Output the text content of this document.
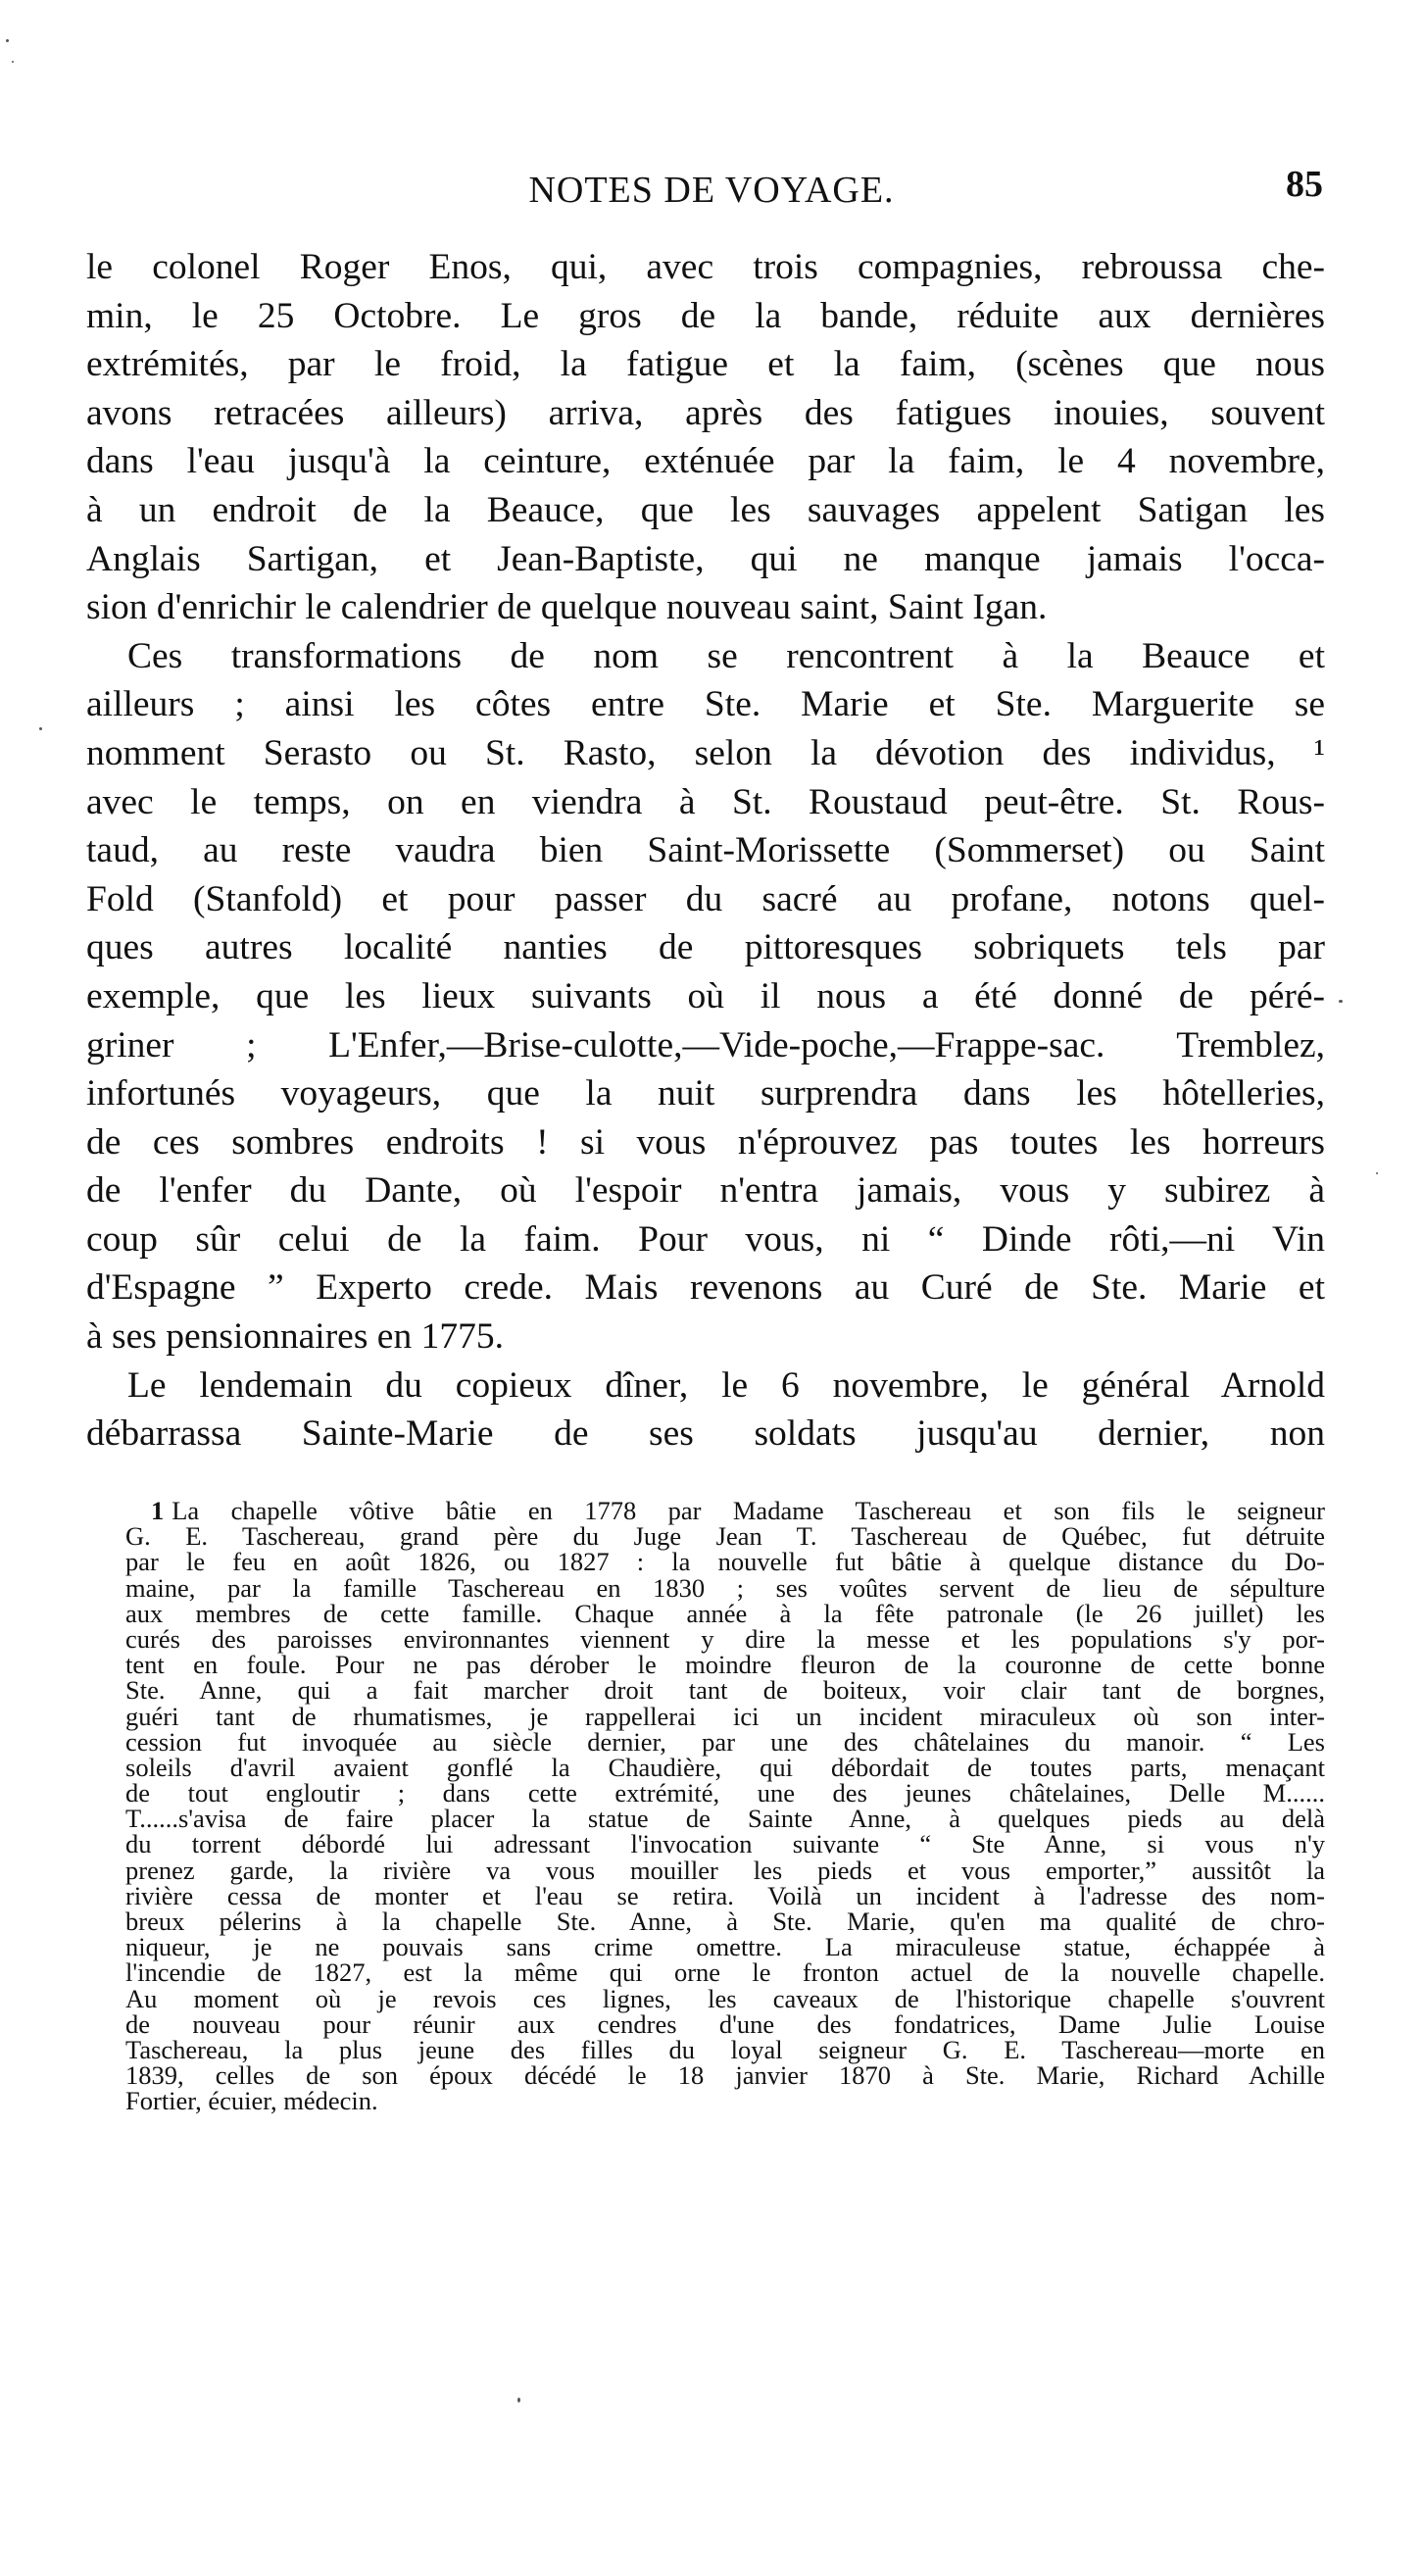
NOTES DE VOYAGE.	85
le colonel Roger Enos, qui, avec trois compagnies, rebroussa che-
min, le 25 Octobre. Le gros de la bande, réduite aux dernières
extrémités, par le froid, la fatigue et la faim, (scènes que nous
avons retracées ailleurs) arriva, après des fatigues inouies, souvent
dans l'eau jusqu'à la ceinture, exténuée par la faim, le 4 novembre,
à un endroit de la Beauce, que les sauvages appelent Satigan les
Anglais Sartigan, et Jean-Baptiste, qui ne manque jamais l'occa-
sion d'enrichir le calendrier de quelque nouveau saint, Saint Igan.
Ces transformations de nom se rencontrent à la Beauce et
ailleurs ; ainsi les côtes entre Ste. Marie et Ste. Marguerite se
nomment Serasto ou St. Rasto, selon la dévotion des individus, ¹
avec le temps, on en viendra à St. Roustaud peut-être. St. Rous-
taud, au reste vaudra bien Saint-Morissette (Sommerset) ou Saint
Fold (Stanfold) et pour passer du sacré au profane, notons quel-
ques autres localité nanties de pittoresques sobriquets tels par
exemple, que les lieux suivants où il nous a été donné de péré-
griner ; L'Enfer,—Brise-culotte,—Vide-poche,—Frappe-sac. Tremblez,
infortunés voyageurs, que la nuit surprendra dans les hôtelleries,
de ces sombres endroits ! si vous n'éprouvez pas toutes les horreurs
de l'enfer du Dante, où l'espoir n'entra jamais, vous y subirez à
coup sûr celui de la faim. Pour vous, ni “ Dinde rôti,—ni Vin
d'Espagne ” Experto crede. Mais revenons au Curé de Ste. Marie et
à ses pensionnaires en 1775.
Le lendemain du copieux dîner, le 6 novembre, le général Arnold
débarrassa Sainte-Marie de ses soldats jusqu'au dernier, non
1 La chapelle vôtive bâtie en 1778 par Madame Taschereau et son fils le seigneur
G. E. Taschereau, grand père du Juge Jean T. Taschereau de Québec, fut détruite
par le feu en août 1826, ou 1827 : la nouvelle fut bâtie à quelque distance du Do-
maine, par la famille Taschereau en 1830 ; ses voûtes servent de lieu de sépulture
aux membres de cette famille. Chaque année à la fête patronale (le 26 juillet) les
curés des paroisses environnantes viennent y dire la messe et les populations s'y por-
tent en foule. Pour ne pas dérober le moindre fleuron de la couronne de cette bonne
Ste. Anne, qui a fait marcher droit tant de boiteux, voir clair tant de borgnes,
guéri tant de rhumatismes, je rappellerai ici un incident miraculeux où son inter-
cession fut invoquée au siècle dernier, par une des châtelaines du manoir. “ Les
soleils d'avril avaient gonflé la Chaudière, qui débordait de toutes parts, menaçant
de tout engloutir ; dans cette extrémité, une des jeunes châtelaines, Delle M......
T......s'avisa de faire placer la statue de Sainte Anne, à quelques pieds au delà
du torrent débordé lui adressant l'invocation suivante “ Ste Anne, si vous n'y
prenez garde, la rivière va vous mouiller les pieds et vous emporter,” aussitôt la
rivière cessa de monter et l'eau se retira. Voilà un incident à l'adresse des nom-
breux pélerins à la chapelle Ste. Anne, à Ste. Marie, qu'en ma qualité de chro-
niqueur, je ne pouvais sans crime omettre. La miraculeuse statue, échappée à
l'incendie de 1827, est la même qui orne le fronton actuel de la nouvelle chapelle.
Au moment où je revois ces lignes, les caveaux de l'historique chapelle s'ouvrent
de nouveau pour réunir aux cendres d'une des fondatrices, Dame Julie Louise
Taschereau, la plus jeune des filles du loyal seigneur G. E. Taschereau—morte en
1839, celles de son époux décédé le 18 janvier 1870 à Ste. Marie, Richard Achille
Fortier, écuier, médecin.
